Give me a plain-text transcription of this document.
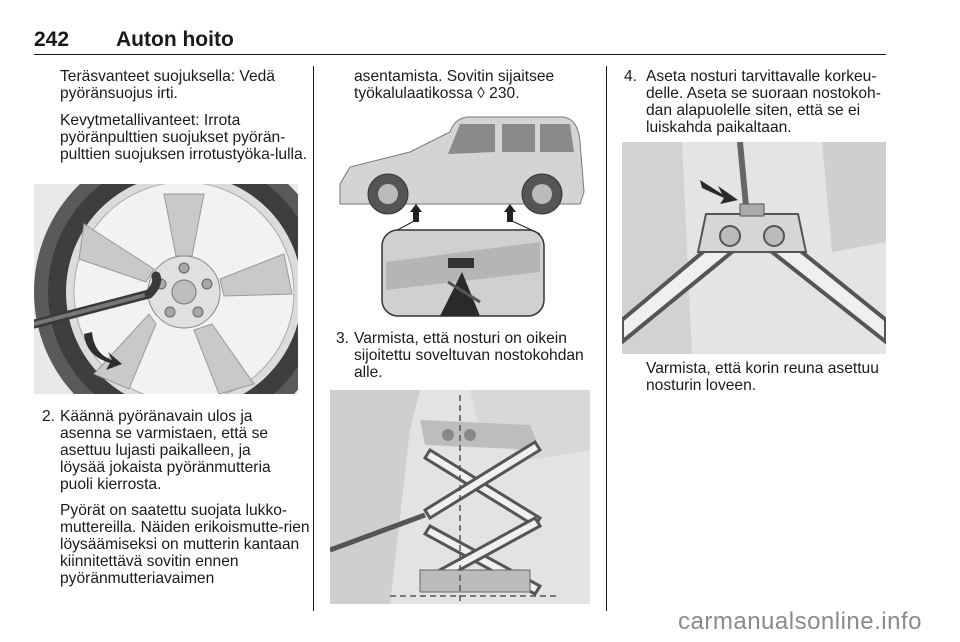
242 Auton hoito

Teräsvanteet suojuksella: Vedä pyöränsuojus irti.

Kevytmetallivanteet: Irrota pyöränpulttien suojukset pyörän-pulttien suojuksen irrotustyöka-lulla.

2. Käännä pyöränavain ulos ja asenna se varmistaen, että se asettuu lujasti paikalleen, ja löysää jokaista pyöränmutteria puoli kierrosta.

Pyörät on saatettu suojata lukko-muttereilla. Näiden erikoismutte-rien löysäämiseksi on mutterin kantaan kiinnitettävä sovitin ennen pyöränmutteriavaimen

asentamista. Sovitin sijaitsee työkalulaatikossa ◊ 230.

3. Varmista, että nosturi on oikein sijoitettu soveltuvan nostokohdan alle.

4. Aseta nosturi tarvittavalle korkeu-delle. Aseta se suoraan nostokoh-dan alapuolelle siten, että se ei luiskahda paikaltaan.

Varmista, että korin reuna asettuu nosturin loveen.

carmanualsonline.info
